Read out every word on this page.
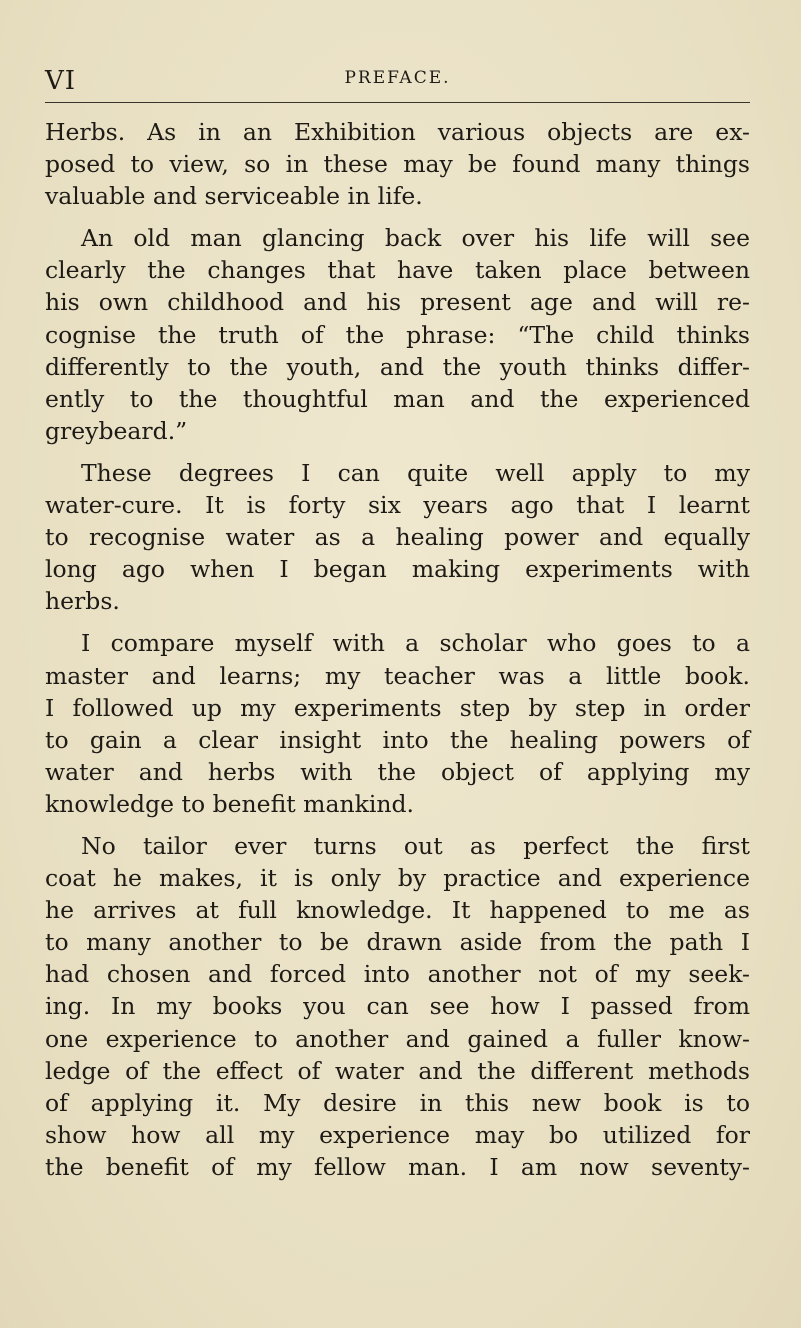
VI	PREFACE.

Herbs. As in an Exhibition various objects are ex-
posed to view, so in these may be found many things
valuable and serviceable in life.

An old man glancing back over his life will see
clearly the changes that have taken place between
his own childhood and his present age and will re-
cognise the truth of the phrase: “The child thinks
differently to the youth, and the youth thinks differ-
ently to the thoughtful man and the experienced
greybeard.”

These degrees I can quite well apply to my
water-cure. It is forty six years ago that I learnt
to recognise water as a healing power and equally
long ago when I began making experiments with
herbs.

I compare myself with a scholar who goes to a
master and learns; my teacher was a little book.
I followed up my experiments step by step in order
to gain a clear insight into the healing powers of
water and herbs with the object of applying my
knowledge to benefit mankind.

No tailor ever turns out as perfect the first
coat he makes, it is only by practice and experience
he arrives at full knowledge. It happened to me as
to many another to be drawn aside from the path I
had chosen and forced into another not of my seek-
ing. In my books you can see how I passed from
one experience to another and gained a fuller know-
ledge of the effect of water and the different methods
of applying it. My desire in this new book is to
show how all my experience may bo utilized for
the benefit of my fellow man. I am now seventy-
